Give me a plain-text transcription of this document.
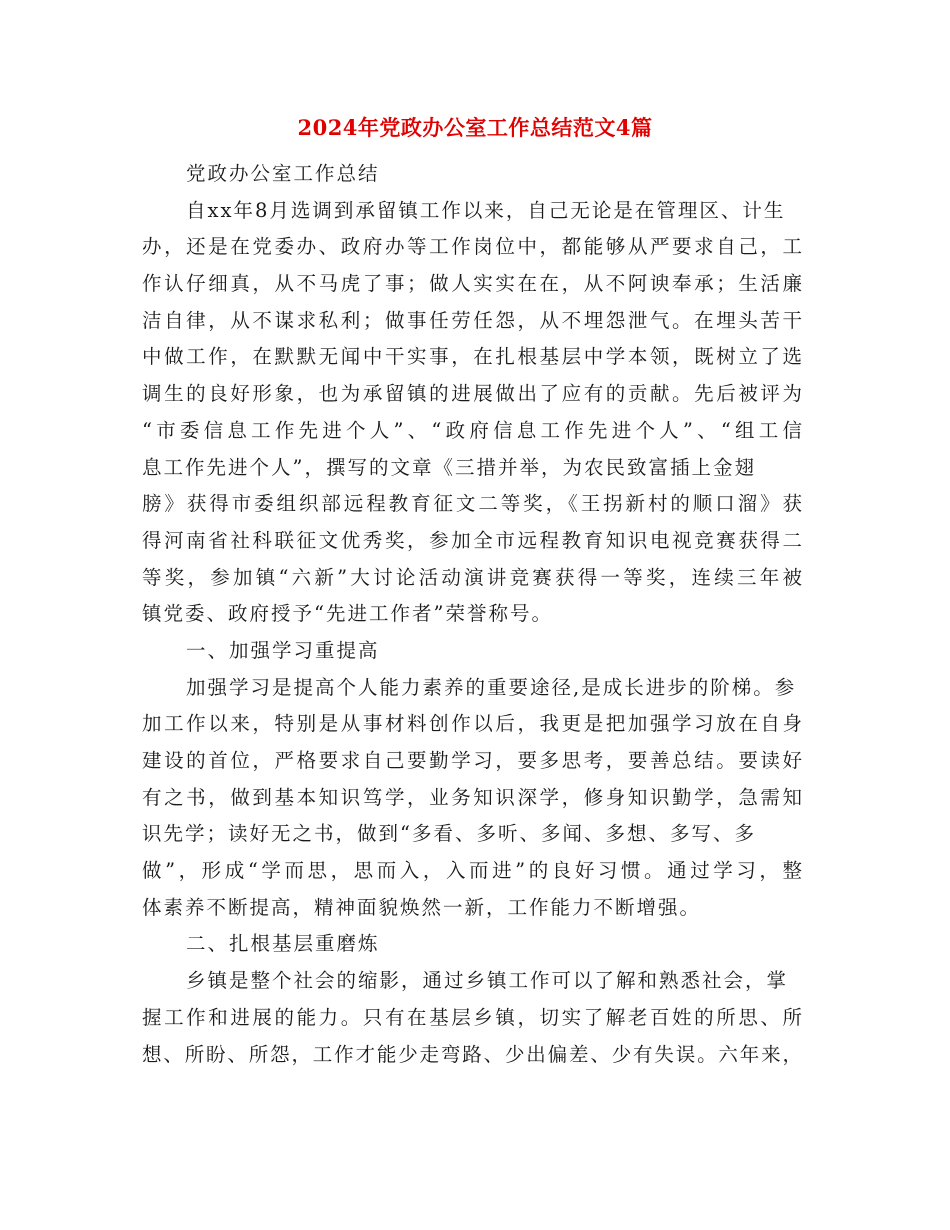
2024年党政办公室工作总结范文4篇
党政办公室工作总结
自xx年8月选调到承留镇工作以来，自己无论是在管理区、计生
办，还是在党委办、政府办等工作岗位中，都能够从严要求自己，工
作认仔细真，从不马虎了事；做人实实在在，从不阿谀奉承；生活廉
洁自律，从不谋求私利；做事任劳任怨，从不埋怨泄气。在埋头苦干
中做工作，在默默无闻中干实事，在扎根基层中学本领，既树立了选
调生的良好形象，也为承留镇的进展做出了应有的贡献。先后被评为
“市委信息工作先进个人”、“政府信息工作先进个人”、“组工信
息工作先进个人”，撰写的文章《三措并举，为农民致富插上金翅
膀》获得市委组织部远程教育征文二等奖，《王拐新村的顺口溜》获
得河南省社科联征文优秀奖，参加全市远程教育知识电视竞赛获得二
等奖，参加镇“六新”大讨论活动演讲竞赛获得一等奖，连续三年被
镇党委、政府授予“先进工作者”荣誉称号。
一、加强学习重提高
加强学习是提高个人能力素养的重要途径,是成长进步的阶梯。参
加工作以来，特别是从事材料创作以后，我更是把加强学习放在自身
建设的首位，严格要求自己要勤学习，要多思考，要善总结。要读好
有之书，做到基本知识笃学，业务知识深学，修身知识勤学，急需知
识先学；读好无之书，做到“多看、多听、多闻、多想、多写、多
做”，形成“学而思，思而入，入而进”的良好习惯。通过学习，整
体素养不断提高，精神面貌焕然一新，工作能力不断增强。
二、扎根基层重磨炼
乡镇是整个社会的缩影，通过乡镇工作可以了解和熟悉社会，掌
握工作和进展的能力。只有在基层乡镇，切实了解老百姓的所思、所
想、所盼、所怨，工作才能少走弯路、少出偏差、少有失误。六年来，
